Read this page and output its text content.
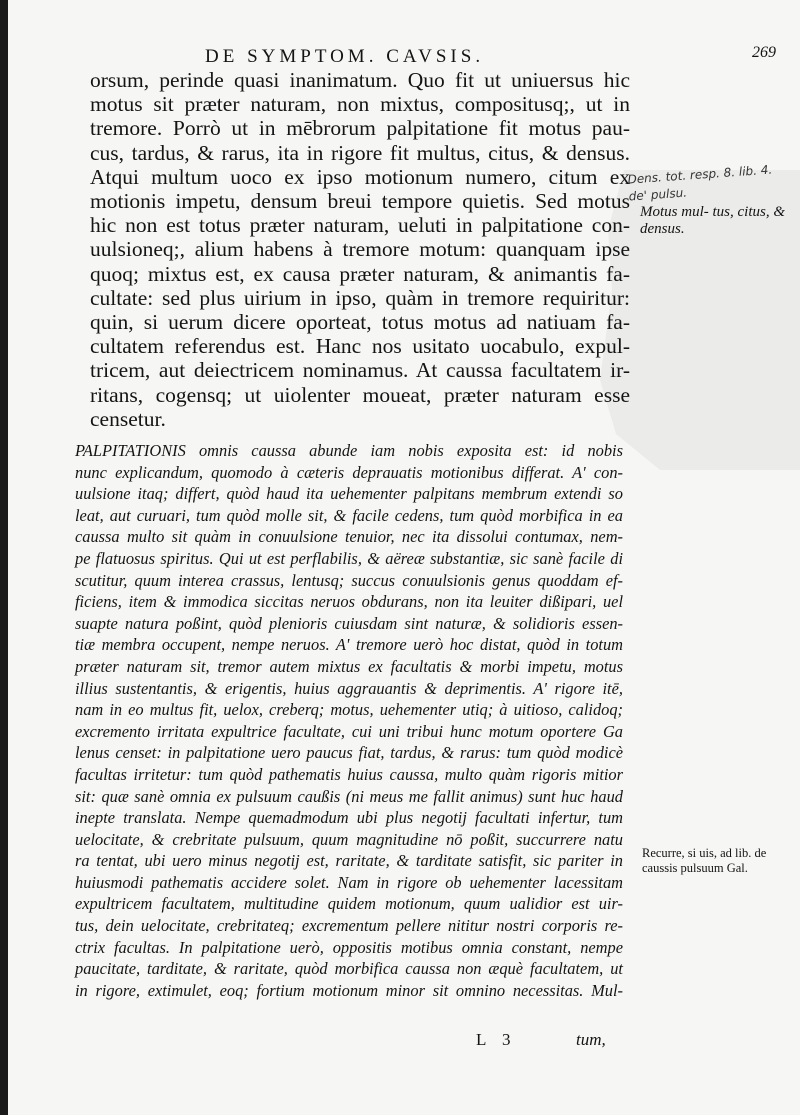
DE SYMPTOM. CAVSIS.	269
orsum, perinde quasi inanimatum. Quo fit ut uniuersus hic
motus sit præter naturam, non mixtus, compositusq;, ut in
tremore. Porrò ut in mēbrorum palpitatione fit motus pau-
cus, tardus, & rarus, ita in rigore fit multus, citus, & densus.
Atqui multum uoco ex ipso motionum numero, citum ex
motionis impetu, densum breui tempore quietis. Sed motus
hic non est totus præter naturam, ueluti in palpitatione con-
uulsioneq;, alium habens à tremore motum: quanquam ipse
quoq; mixtus est, ex causa præter naturam, & animantis fa-
cultate: sed plus uirium in ipso, quàm in tremore requiritur:
quin, si uerum dicere oporteat, totus motus ad natiuam fa-
cultatem referendus est. Hanc nos usitato uocabulo, expul-
tricem, aut deiectricem nominamus. At caussa facultatem ir-
ritans, cogensq; ut uiolenter moueat, præter naturam esse
censetur.
Dens. tot. resp. 8. lib. 4. de' pulsu.
Motus mul- tus, citus, & densus.
PALPITATIONIS omnis caussa abunde iam nobis exposita est: id nobis
nunc explicandum, quomodo à cæteris deprauatis motionibus differat. A' con-
uulsione itaq; differt, quòd haud ita uehementer palpitans membrum extendi so
leat, aut curuari, tum quòd molle sit, & facile cedens, tum quòd morbifica in ea
caussa multo sit quàm in conuulsione tenuior, nec ita dissolui contumax, nem-
pe flatuosus spiritus. Qui ut est perflabilis, & aëreæ substantiæ, sic sanè facile di
scutitur, quum interea crassus, lentusq; succus conuulsionis genus quoddam ef-
ficiens, item & immodica siccitas neruos obdurans, non ita leuiter dißipari, uel
suapte natura poßint, quòd plenioris cuiusdam sint naturæ, & solidioris essen-
tiæ membra occupent, nempe neruos. A' tremore uerò hoc distat, quòd in totum
præter naturam sit, tremor autem mixtus ex facultatis & morbi impetu, motus
illius sustentantis, & erigentis, huius aggrauantis & deprimentis. A' rigore itē,
nam in eo multus fit, uelox, creberq; motus, uehementer utiq; à uitioso, calidoq;
excremento irritata expultrice facultate, cui uni tribui hunc motum oportere Ga
lenus censet: in palpitatione uero paucus fiat, tardus, & rarus: tum quòd modicè
facultas irritetur: tum quòd pathematis huius caussa, multo quàm rigoris mitior
sit: quæ sanè omnia ex pulsuum caußis (ni meus me fallit animus) sunt huc haud
inepte translata. Nempe quemadmodum ubi plus negotij facultati infertur, tum
uelocitate, & crebritate pulsuum, quum magnitudine nō poßit, succurrere natu
ra tentat, ubi uero minus negotij est, raritate, & tarditate satisfit, sic pariter in
huiusmodi pathematis accidere solet. Nam in rigore ob uehementer lacessitam
expultricem facultatem, multitudine quidem motionum, quum ualidior est uir-
tus, dein uelocitate, crebritateq; excrementum pellere nititur nostri corporis re-
ctrix facultas. In palpitatione uerò, oppositis motibus omnia constant, nempe
paucitate, tarditate, & raritate, quòd morbifica caussa non æquè facultatem, ut
in rigore, extimulet, eoq; fortium motionum minor sit omnino necessitas. Mul-
Recurre, si uis, ad lib. de caussis pulsuum Gal.
L 3	tum,
